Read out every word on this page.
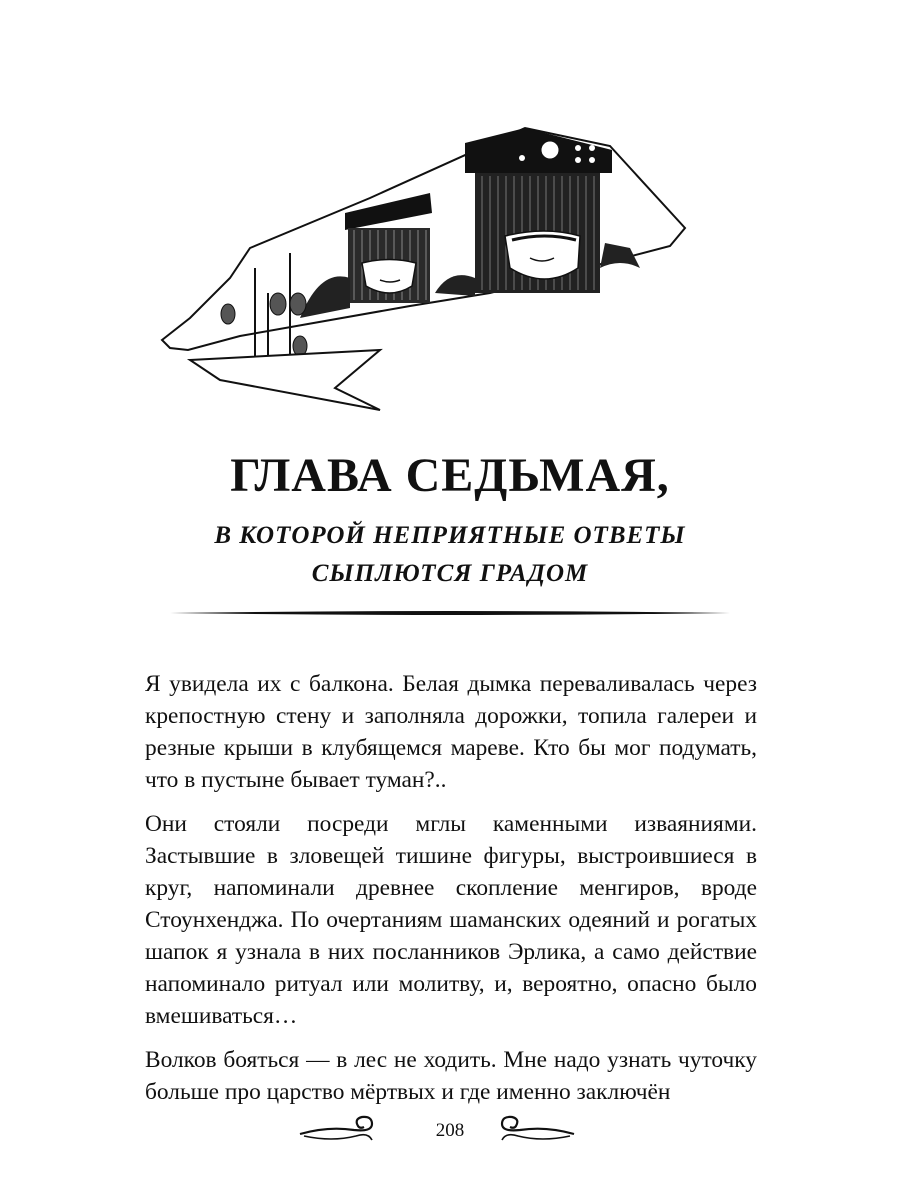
ГЛАВА СЕДЬМАЯ,

В КОТОРОЙ НЕПРИЯТНЫЕ ОТВЕТЫ

СЫПЛЮТСЯ ГРАДОМ

Я увидела их с балкона. Белая дымка переваливалась через крепостную стену и заполняла дорожки, топила галереи и резные крыши в клубящемся мареве. Кто бы мог подумать, что в пустыне бывает туман?..

Они стояли посреди мглы каменными изваяниями. Застывшие в зловещей тишине фигуры, выстроившиеся в круг, напоминали древнее скопление менгиров, вроде Стоунхенджа. По очертаниям шаманских одеяний и рогатых шапок я узнала в них посланников Эрлика, а само действие напоминало ритуал или молитву, и, вероятно, опасно было вмешиваться…

Волков бояться — в лес не ходить. Мне надо узнать чуточку больше про царство мёртвых и где именно заключён

208
